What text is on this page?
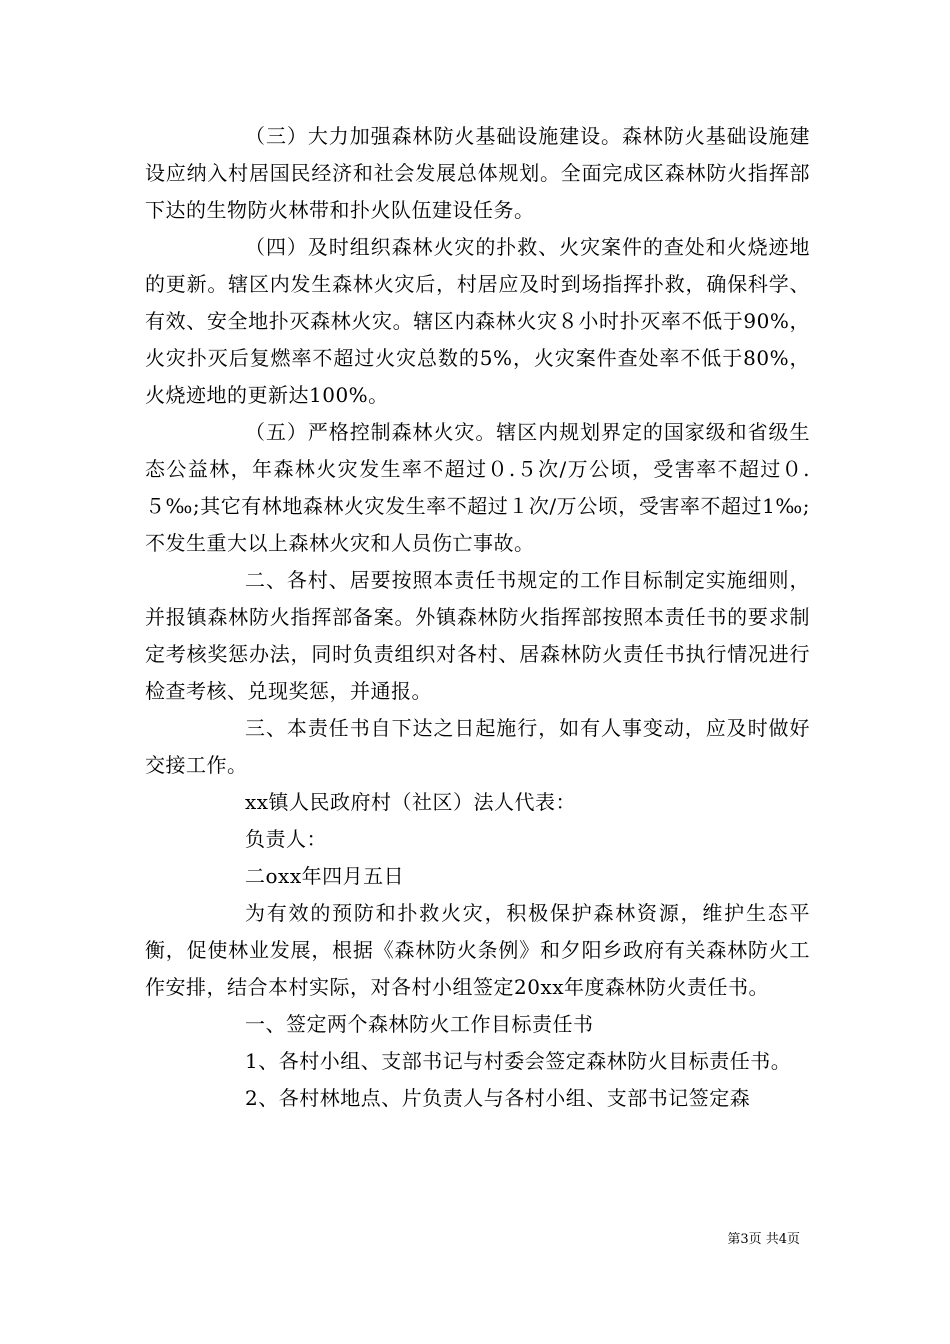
（三）大力加强森林防火基础设施建设。森林防火基础设施建设应纳入村居国民经济和社会发展总体规划。全面完成区森林防火指挥部下达的生物防火林带和扑火队伍建设任务。

（四）及时组织森林火灾的扑救、火灾案件的查处和火烧迹地的更新。辖区内发生森林火灾后，村居应及时到场指挥扑救，确保科学、有效、安全地扑灭森林火灾。辖区内森林火灾８小时扑灭率不低于90%，火灾扑灭后复燃率不超过火灾总数的5%，火灾案件查处率不低于80%，火烧迹地的更新达100%。

（五）严格控制森林火灾。辖区内规划界定的国家级和省级生态公益林，年森林火灾发生率不超过０.５次/万公顷，受害率不超过０.５‰;其它有林地森林火灾发生率不超过１次/万公顷，受害率不超过1‰;不发生重大以上森林火灾和人员伤亡事故。

二、各村、居要按照本责任书规定的工作目标制定实施细则，并报镇森林防火指挥部备案。外镇森林防火指挥部按照本责任书的要求制定考核奖惩办法，同时负责组织对各村、居森林防火责任书执行情况进行检查考核、兑现奖惩，并通报。

三、本责任书自下达之日起施行，如有人事变动，应及时做好交接工作。

xx镇人民政府村（社区）法人代表：

负责人：

二oxx年四月五日

为有效的预防和扑救火灾，积极保护森林资源，维护生态平衡，促使林业发展，根据《森林防火条例》和夕阳乡政府有关森林防火工作安排，结合本村实际，对各村小组签定20xx年度森林防火责任书。

一、签定两个森林防火工作目标责任书

1、各村小组、支部书记与村委会签定森林防火目标责任书。

2、各村林地点、片负责人与各村小组、支部书记签定森

第3页 共4页
